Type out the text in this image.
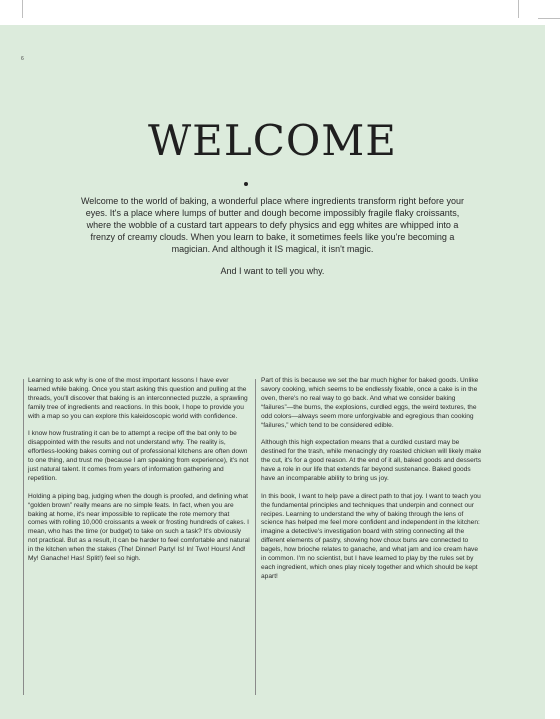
6
WELCOME

Welcome to the world of baking, a wonderful place where ingredients transform right before your eyes. It's a place where lumps of butter and dough become impossibly fragile flaky croissants, where the wobble of a custard tart appears to defy physics and egg whites are whipped into a frenzy of creamy clouds. When you learn to bake, it sometimes feels like you're becoming a magician. And although it IS magical, it isn't magic.

And I want to tell you why.

Learning to ask why is one of the most important lessons I have ever learned while baking. Once you start asking this question and pulling at the threads, you'll discover that baking is an interconnected puzzle, a sprawling family tree of ingredients and reactions. In this book, I hope to provide you with a map so you can explore this kaleidoscopic world with confidence.

I know how frustrating it can be to attempt a recipe off the bat only to be disappointed with the results and not understand why. The reality is, effortless-looking bakes coming out of professional kitchens are often down to one thing, and trust me (because I am speaking from experience), it's not just natural talent. It comes from years of information gathering and repetition.

Holding a piping bag, judging when the dough is proofed, and defining what “golden brown” really means are no simple feats. In fact, when you are baking at home, it's near impossible to replicate the rote memory that comes with rolling 10,000 croissants a week or frosting hundreds of cakes. I mean, who has the time (or budget) to take on such a task? It's obviously not practical. But as a result, it can be harder to feel comfortable and natural in the kitchen when the stakes (The! Dinner! Party! Is! In! Two! Hours! And! My! Ganache! Has! Split!) feel so high.

Part of this is because we set the bar much higher for baked goods. Unlike savory cooking, which seems to be endlessly fixable, once a cake is in the oven, there's no real way to go back. And what we consider baking “failures”—the burns, the explosions, curdled eggs, the weird textures, the odd colors—always seem more unforgivable and egregious than cooking “failures,” which tend to be considered edible.

Although this high expectation means that a curdled custard may be destined for the trash, while menacingly dry roasted chicken will likely make the cut, it's for a good reason. At the end of it all, baked goods and desserts have a role in our life that extends far beyond sustenance. Baked goods have an incomparable ability to bring us joy.

In this book, I want to help pave a direct path to that joy. I want to teach you the fundamental principles and techniques that underpin and connect our recipes. Learning to understand the why of baking through the lens of science has helped me feel more confident and independent in the kitchen: imagine a detective's investigation board with string connecting all the different elements of pastry, showing how choux buns are connected to bagels, how brioche relates to ganache, and what jam and ice cream have in common. I'm no scientist, but I have learned to play by the rules set by each ingredient, which ones play nicely together and which should be kept apart!
